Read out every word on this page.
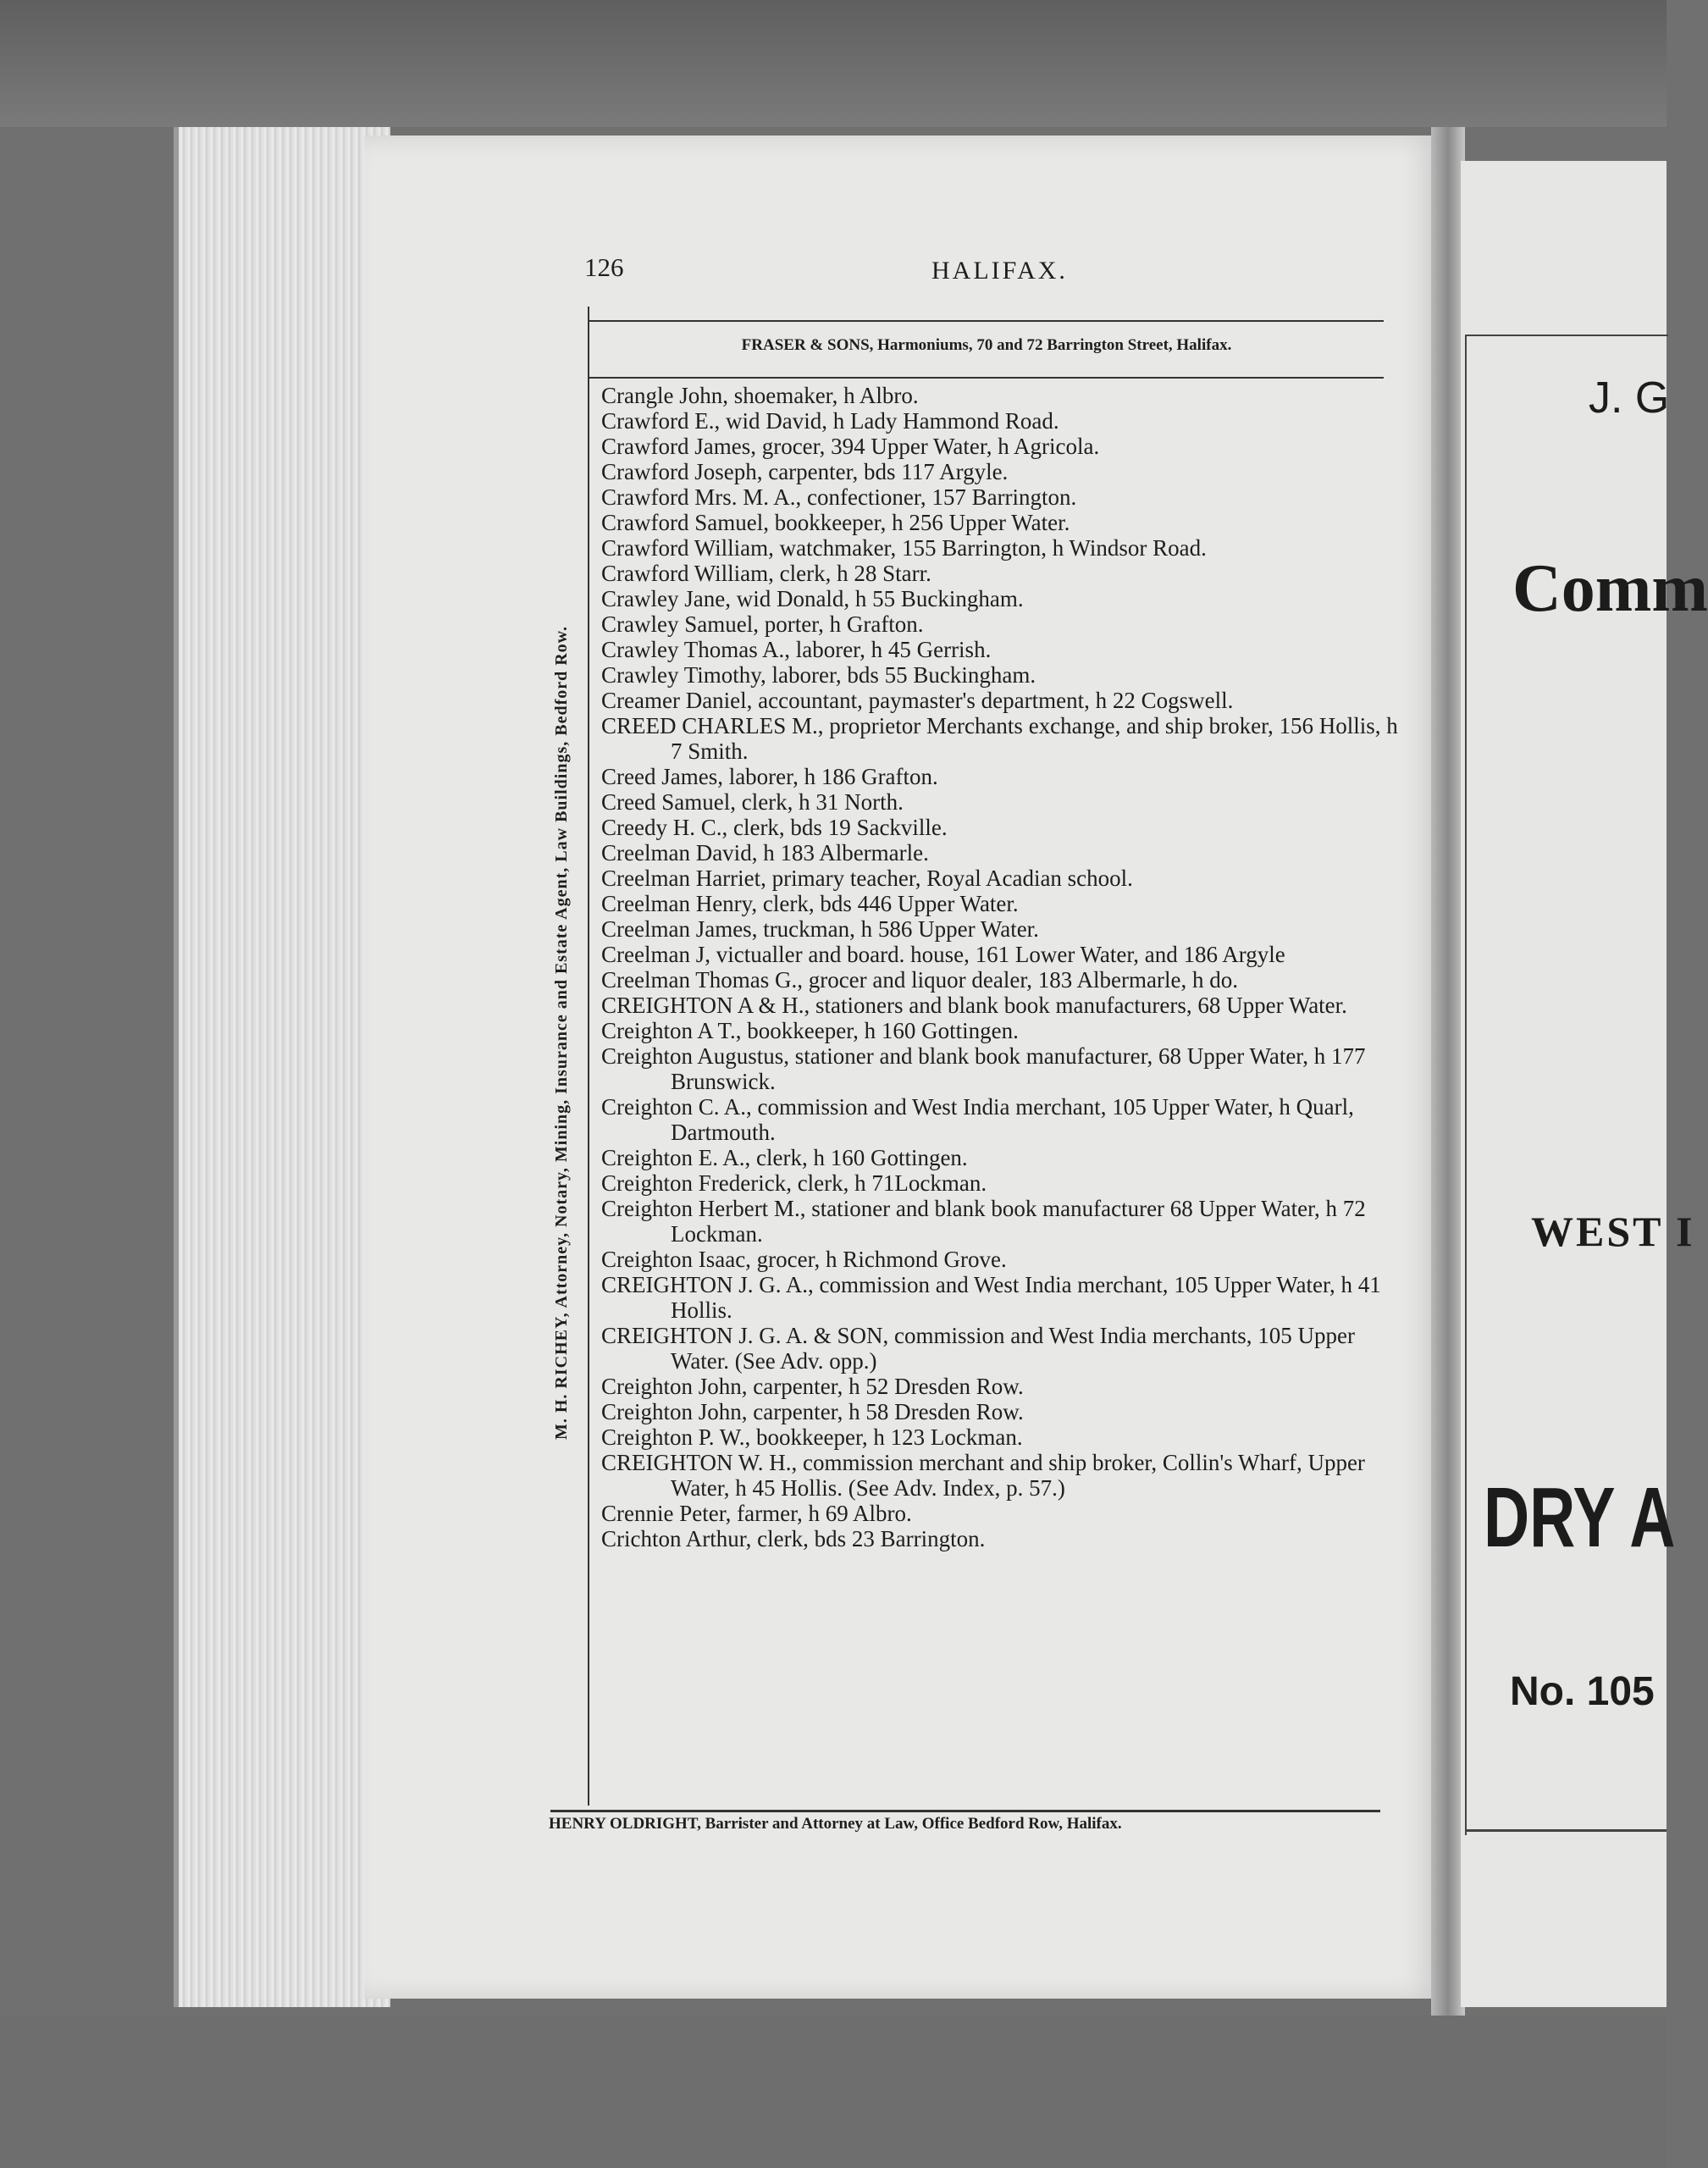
126	HALIFAX.
FRASER & SONS, Harmoniums, 70 and 72 Barrington Street, Halifax.
M. H. RICHEY, Attorney, Notary, Mining, Insurance and Estate Agent, Law Buildings, Bedford Row.
Crangle John, shoemaker, h Albro.
Crawford E., wid David, h Lady Hammond Road.
Crawford James, grocer, 394 Upper Water, h Agricola.
Crawford Joseph, carpenter, bds 117 Argyle.
Crawford Mrs. M. A., confectioner, 157 Barrington.
Crawford Samuel, bookkeeper, h 256 Upper Water.
Crawford William, watchmaker, 155 Barrington, h Windsor Road.
Crawford William, clerk, h 28 Starr.
Crawley Jane, wid Donald, h 55 Buckingham.
Crawley Samuel, porter, h Grafton.
Crawley Thomas A., laborer, h 45 Gerrish.
Crawley Timothy, laborer, bds 55 Buckingham.
Creamer Daniel, accountant, paymaster's department, h 22 Cogswell.
CREED CHARLES M., proprietor Merchants exchange, and ship broker, 156 Hollis, h 7 Smith.
Creed James, laborer, h 186 Grafton.
Creed Samuel, clerk, h 31 North.
Creedy H. C., clerk, bds 19 Sackville.
Creelman David, h 183 Albermarle.
Creelman Harriet, primary teacher, Royal Acadian school.
Creelman Henry, clerk, bds 446 Upper Water.
Creelman James, truckman, h 586 Upper Water.
Creelman J, victualler and board. house, 161 Lower Water, and 186 Argyle
Creelman Thomas G., grocer and liquor dealer, 183 Albermarle, h do.
CREIGHTON A & H., stationers and blank book manufacturers, 68 Upper Water.
Creighton A T., bookkeeper, h 160 Gottingen.
Creighton Augustus, stationer and blank book manufacturer, 68 Upper Water, h 177 Brunswick.
Creighton C. A., commission and West India merchant, 105 Upper Water, h Quarl, Dartmouth.
Creighton E. A., clerk, h 160 Gottingen.
Creighton Frederick, clerk, h 71Lockman.
Creighton Herbert M., stationer and blank book manufacturer 68 Upper Water, h 72 Lockman.
Creighton Isaac, grocer, h Richmond Grove.
CREIGHTON J. G. A., commission and West India merchant, 105 Upper Water, h 41 Hollis.
CREIGHTON J. G. A. & SON, commission and West India merchants, 105 Upper Water. (See Adv. opp.)
Creighton John, carpenter, h 52 Dresden Row.
Creighton John, carpenter, h 58 Dresden Row.
Creighton P. W., bookkeeper, h 123 Lockman.
CREIGHTON W. H., commission merchant and ship broker, Collin's Wharf, Upper Water, h 45 Hollis. (See Adv. Index, p. 57.)
Crennie Peter, farmer, h 69 Albro.
Crichton Arthur, clerk, bds 23 Barrington.
HENRY OLDRIGHT, Barrister and Attorney at Law, Office Bedford Row, Halifax.
J. G
Comm
WEST I
DRY A
No. 105
